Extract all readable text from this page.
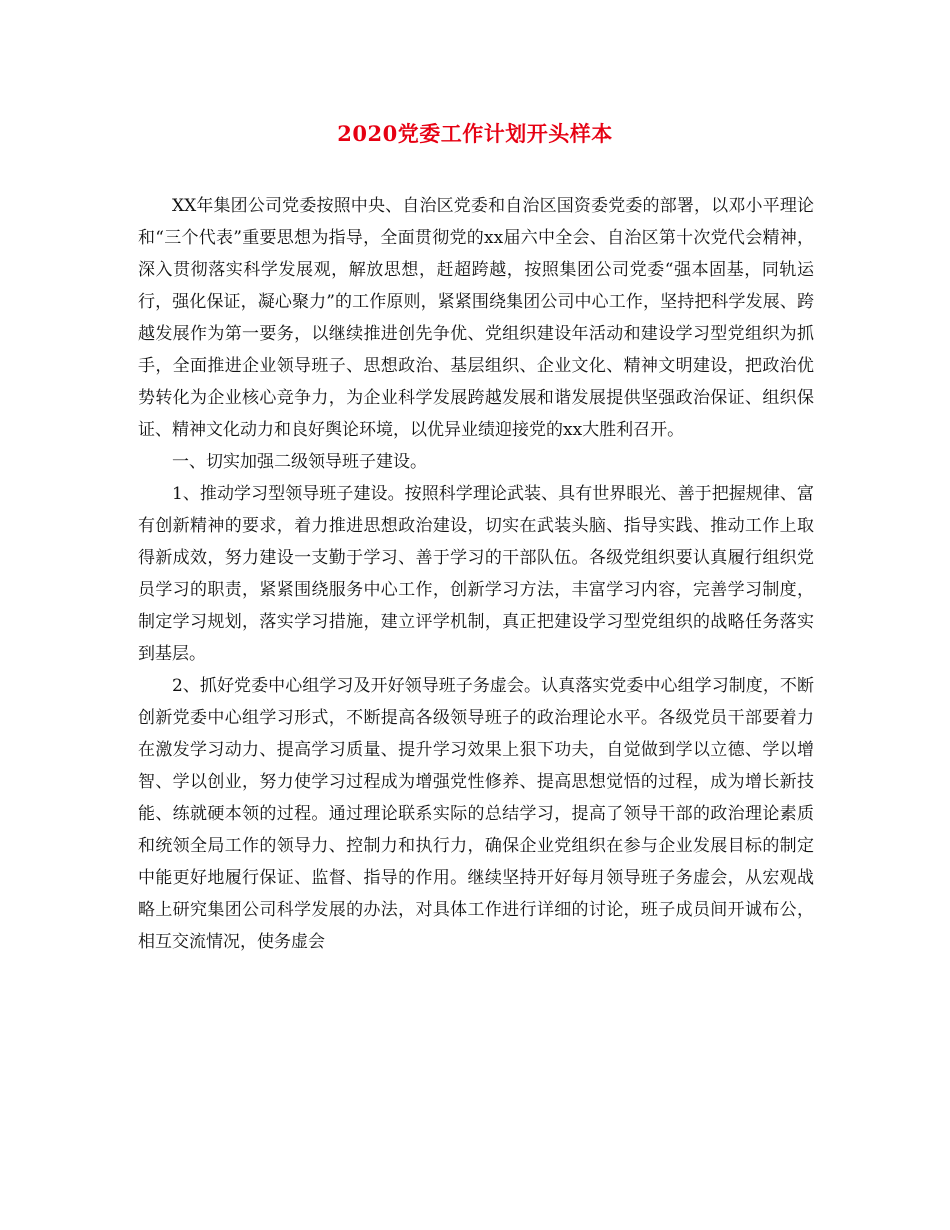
2020党委工作计划开头样本

XX年集团公司党委按照中央、自治区党委和自治区国资委党委的部署，以邓小平理论和“三个代表”重要思想为指导，全面贯彻党的xx届六中全会、自治区第十次党代会精神，深入贯彻落实科学发展观，解放思想，赶超跨越，按照集团公司党委“强本固基，同轨运行，强化保证，凝心聚力”的工作原则，紧紧围绕集团公司中心工作，坚持把科学发展、跨越发展作为第一要务，以继续推进创先争优、党组织建设年活动和建设学习型党组织为抓手，全面推进企业领导班子、思想政治、基层组织、企业文化、精神文明建设，把政治优势转化为企业核心竞争力，为企业科学发展跨越发展和谐发展提供坚强政治保证、组织保证、精神文化动力和良好舆论环境，以优异业绩迎接党的xx大胜利召开。

一、切实加强二级领导班子建设。

1、推动学习型领导班子建设。按照科学理论武装、具有世界眼光、善于把握规律、富有创新精神的要求，着力推进思想政治建设，切实在武装头脑、指导实践、推动工作上取得新成效，努力建设一支勤于学习、善于学习的干部队伍。各级党组织要认真履行组织党员学习的职责，紧紧围绕服务中心工作，创新学习方法，丰富学习内容，完善学习制度，制定学习规划，落实学习措施，建立评学机制，真正把建设学习型党组织的战略任务落实到基层。

2、抓好党委中心组学习及开好领导班子务虚会。认真落实党委中心组学习制度，不断创新党委中心组学习形式，不断提高各级领导班子的政治理论水平。各级党员干部要着力在激发学习动力、提高学习质量、提升学习效果上狠下功夫，自觉做到学以立德、学以增智、学以创业，努力使学习过程成为增强党性修养、提高思想觉悟的过程，成为增长新技能、练就硬本领的过程。通过理论联系实际的总结学习，提高了领导干部的政治理论素质和统领全局工作的领导力、控制力和执行力，确保企业党组织在参与企业发展目标的制定中能更好地履行保证、监督、指导的作用。继续坚持开好每月领导班子务虚会，从宏观战略上研究集团公司科学发展的办法，对具体工作进行详细的讨论，班子成员间开诚布公，相互交流情况，使务虚会
